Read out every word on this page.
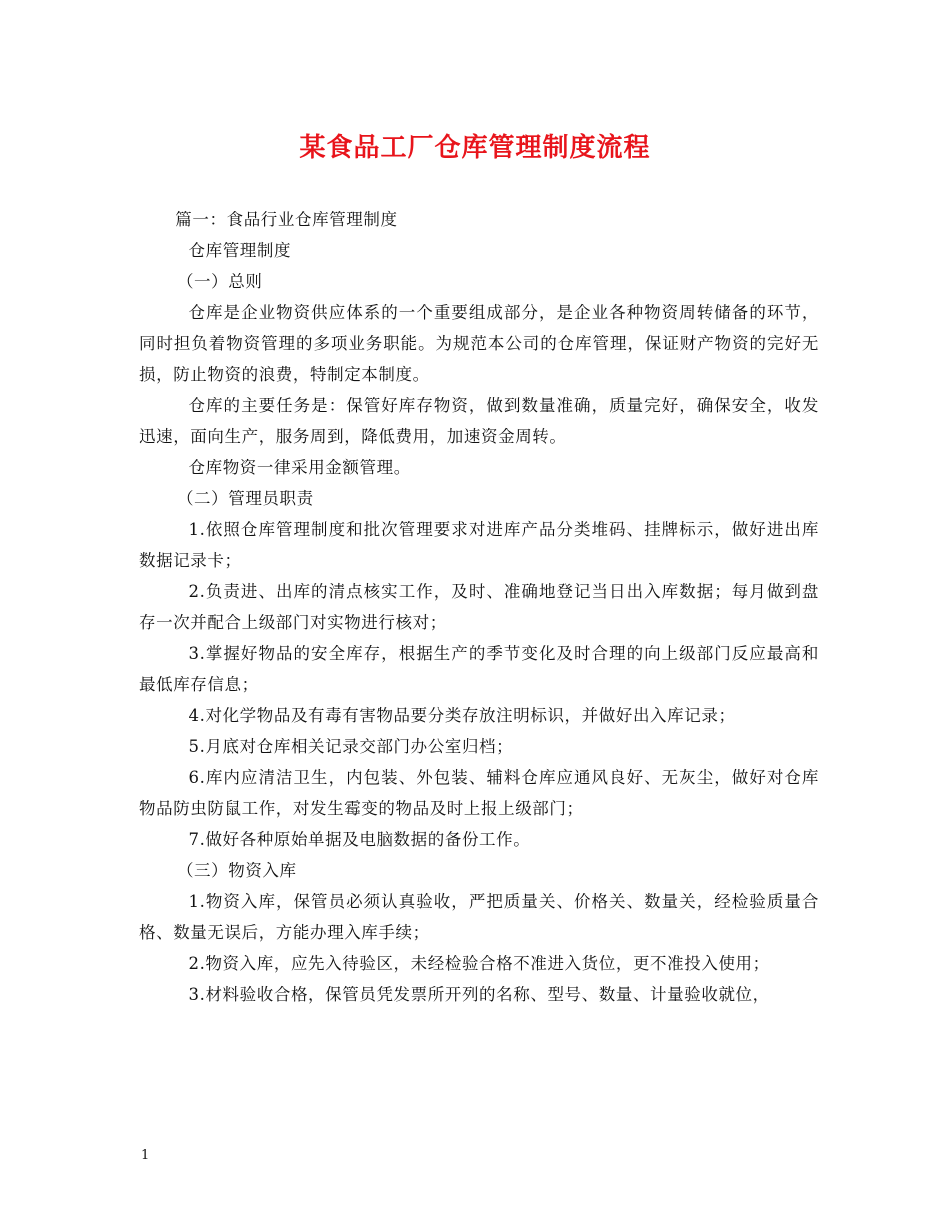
某食品工厂仓库管理制度流程

篇一：食品行业仓库管理制度

仓库管理制度

（一）总则

仓库是企业物资供应体系的一个重要组成部分，是企业各种物资周转储备的环节，同时担负着物资管理的多项业务职能。为规范本公司的仓库管理，保证财产物资的完好无损，防止物资的浪费，特制定本制度。

仓库的主要任务是：保管好库存物资，做到数量准确，质量完好，确保安全，收发迅速，面向生产，服务周到，降低费用，加速资金周转。

仓库物资一律采用金额管理。

（二）管理员职责

1.依照仓库管理制度和批次管理要求对进库产品分类堆码、挂牌标示，做好进出库数据记录卡；

2.负责进、出库的清点核实工作，及时、准确地登记当日出入库数据；每月做到盘存一次并配合上级部门对实物进行核对；

3.掌握好物品的安全库存，根据生产的季节变化及时合理的向上级部门反应最高和最低库存信息；

4.对化学物品及有毒有害物品要分类存放注明标识，并做好出入库记录；

5.月底对仓库相关记录交部门办公室归档；

6.库内应清洁卫生，内包装、外包装、辅料仓库应通风良好、无灰尘，做好对仓库物品防虫防鼠工作，对发生霉变的物品及时上报上级部门；

7.做好各种原始单据及电脑数据的备份工作。

（三）物资入库

1.物资入库，保管员必须认真验收，严把质量关、价格关、数量关，经检验质量合格、数量无误后，方能办理入库手续；

2.物资入库，应先入待验区，未经检验合格不准进入货位，更不准投入使用；

3.材料验收合格，保管员凭发票所开列的名称、型号、数量、计量验收就位，

1
